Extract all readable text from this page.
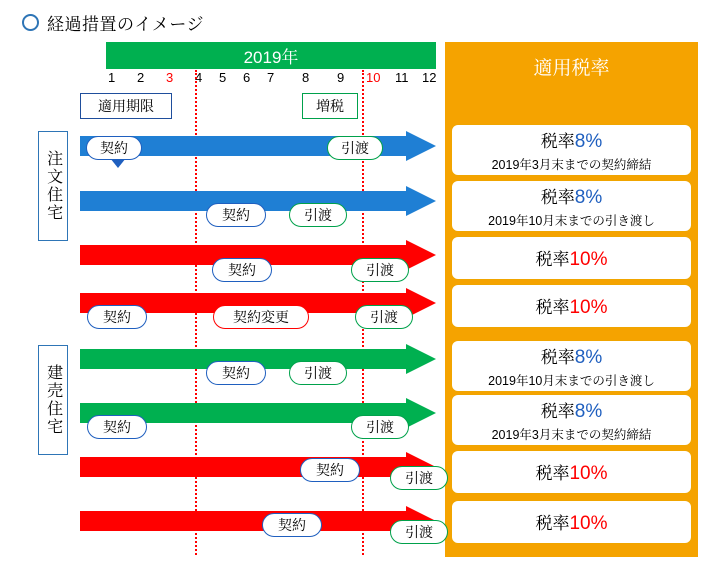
経過措置のイメージ
2019年
1 2 3 4 5 6 7 8 9 10 11 12
適用期限	増税
注文住宅
建売住宅
契約	引渡
契約	引渡
契約	引渡
契約	契約変更	引渡
契約	引渡
契約	引渡
契約	引渡
契約	引渡
適用税率
税率8%
2019年3月末までの契約締結
税率8%
2019年10月末までの引き渡し
税率10%
税率10%
税率8%
2019年10月末までの引き渡し
税率8%
2019年3月末までの契約締結
税率10%
税率10%
